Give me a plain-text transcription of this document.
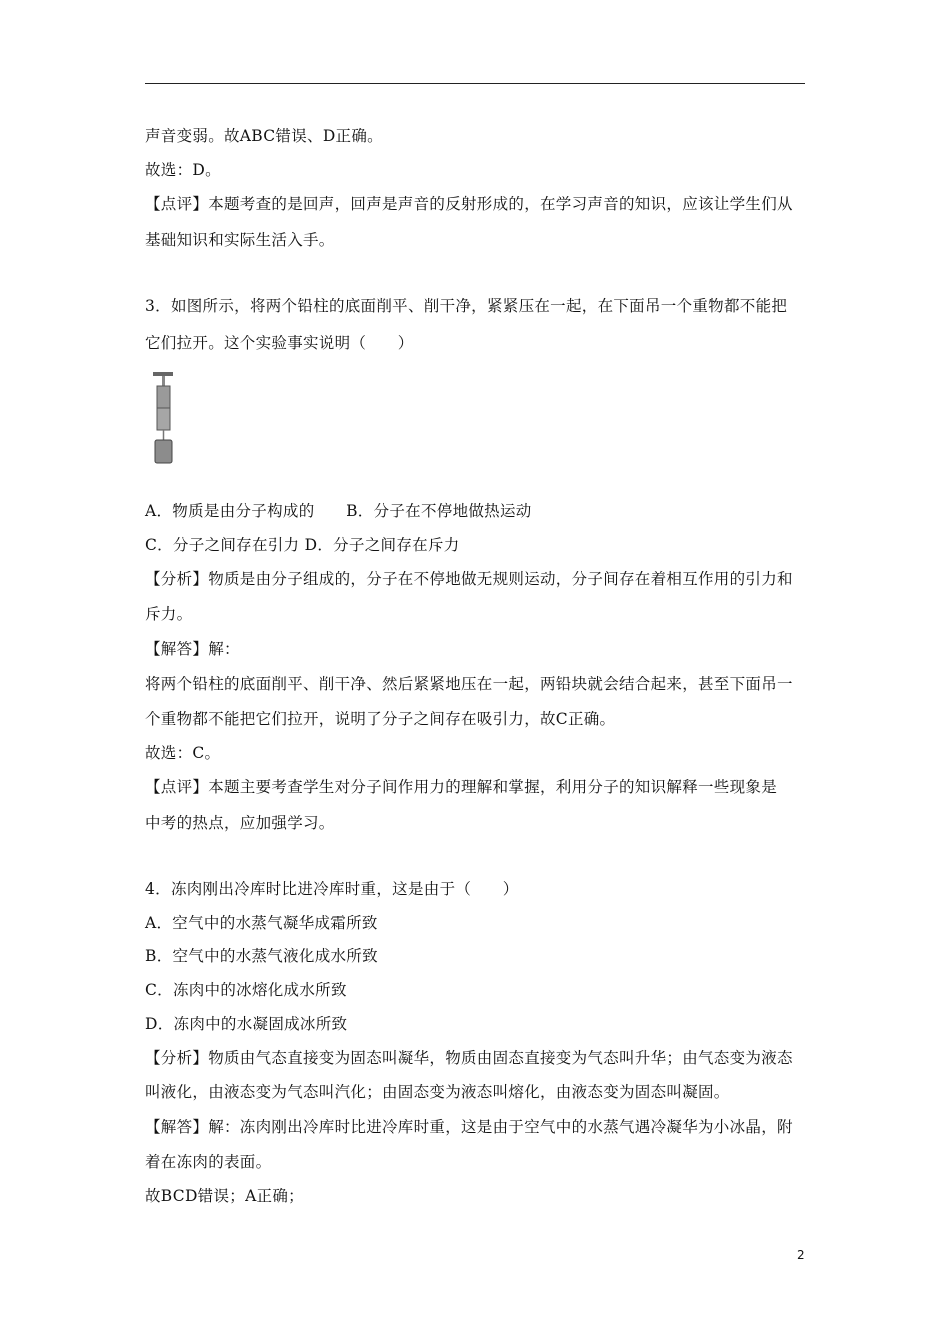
声音变弱。故ABC错误、D正确。
故选：D。
【点评】本题考查的是回声，回声是声音的反射形成的，在学习声音的知识，应该让学生们从
基础知识和实际生活入手。
3．如图所示，将两个铅柱的底面削平、削干净，紧紧压在一起，在下面吊一个重物都不能把
它们拉开。这个实验事实说明（　　）
A．物质是由分子构成的　　B．分子在不停地做热运动
C．分子之间存在引力 D．分子之间存在斥力
【分析】物质是由分子组成的，分子在不停地做无规则运动，分子间存在着相互作用的引力和
斥力。
【解答】解：
将两个铅柱的底面削平、削干净、然后紧紧地压在一起，两铅块就会结合起来，甚至下面吊一
个重物都不能把它们拉开，说明了分子之间存在吸引力，故C正确。
故选：C。
【点评】本题主要考查学生对分子间作用力的理解和掌握，利用分子的知识解释一些现象是
中考的热点，应加强学习。
4．冻肉刚出冷库时比进冷库时重，这是由于（　　）
A．空气中的水蒸气凝华成霜所致
B．空气中的水蒸气液化成水所致
C．冻肉中的冰熔化成水所致
D．冻肉中的水凝固成冰所致
【分析】物质由气态直接变为固态叫凝华，物质由固态直接变为气态叫升华；由气态变为液态
叫液化，由液态变为气态叫汽化；由固态变为液态叫熔化，由液态变为固态叫凝固。
【解答】解：冻肉刚出冷库时比进冷库时重，这是由于空气中的水蒸气遇冷凝华为小冰晶，附
着在冻肉的表面。
故BCD错误；A正确；
2
